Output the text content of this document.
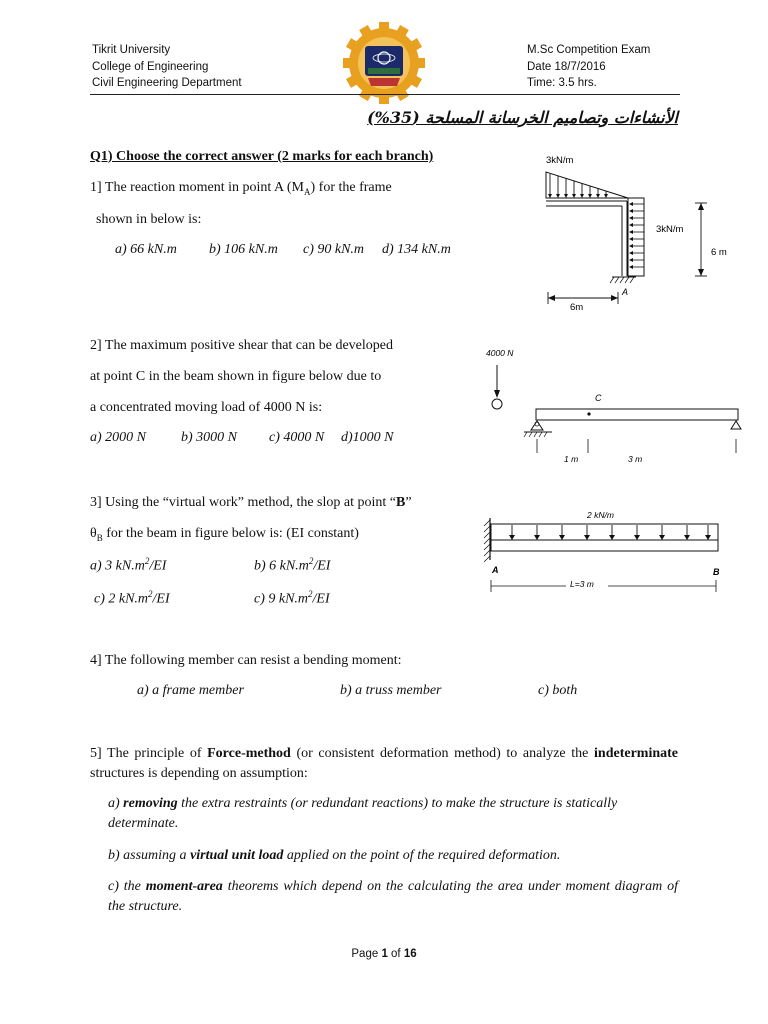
Tikrit University
College of Engineering
Civil Engineering Department
M.Sc Competition Exam
Date 18/7/2016
Time: 3.5 hrs.
الأنشاءات وتصاميم الخرسانة المسلحة (35%)
Q1) Choose the correct answer (2 marks for each branch)
1] The reaction moment in point A $(M_A)$ for the frame
shown in below is:
a) 66 kN.m b) 106 kN.m c) 90 kN.m d) 134 kN.m
3kN/m
3kN/m
A
6 m
6m
2] The maximum positive shear that can be developed
at point C in the beam shown in figure below due to
a concentrated moving load of 4000 N is:
a) 2000 N	b) 3000 N c) 4000 N d)1000 N
4000 N
C
1 m	3 m
3] Using the “virtual work” method, the slop at point “B”
$\theta_B$ for the beam in figure below is: (EI constant)
a) 3 $kN.m^2/EI$	b) 6 $kN.m^2/EI$
c) 2 $kN.m^2/EI$	c) 9 $kN.m^2/EI$
2 kN/m
A	B
L=3 m
4] The following member can resist a bending moment:
a) a frame member	b) a truss member	c) both
5] The principle of Force-method (or consistent deformation method) to analyze the indeterminate structures is depending on assumption:
a) removing the extra restraints (or redundant reactions) to make the structure is statically determinate.
b) assuming a virtual unit load applied on the point of the required deformation.
c) the moment-area theorems which depend on the calculating the area under moment diagram of the structure.
Page 1 of 16
